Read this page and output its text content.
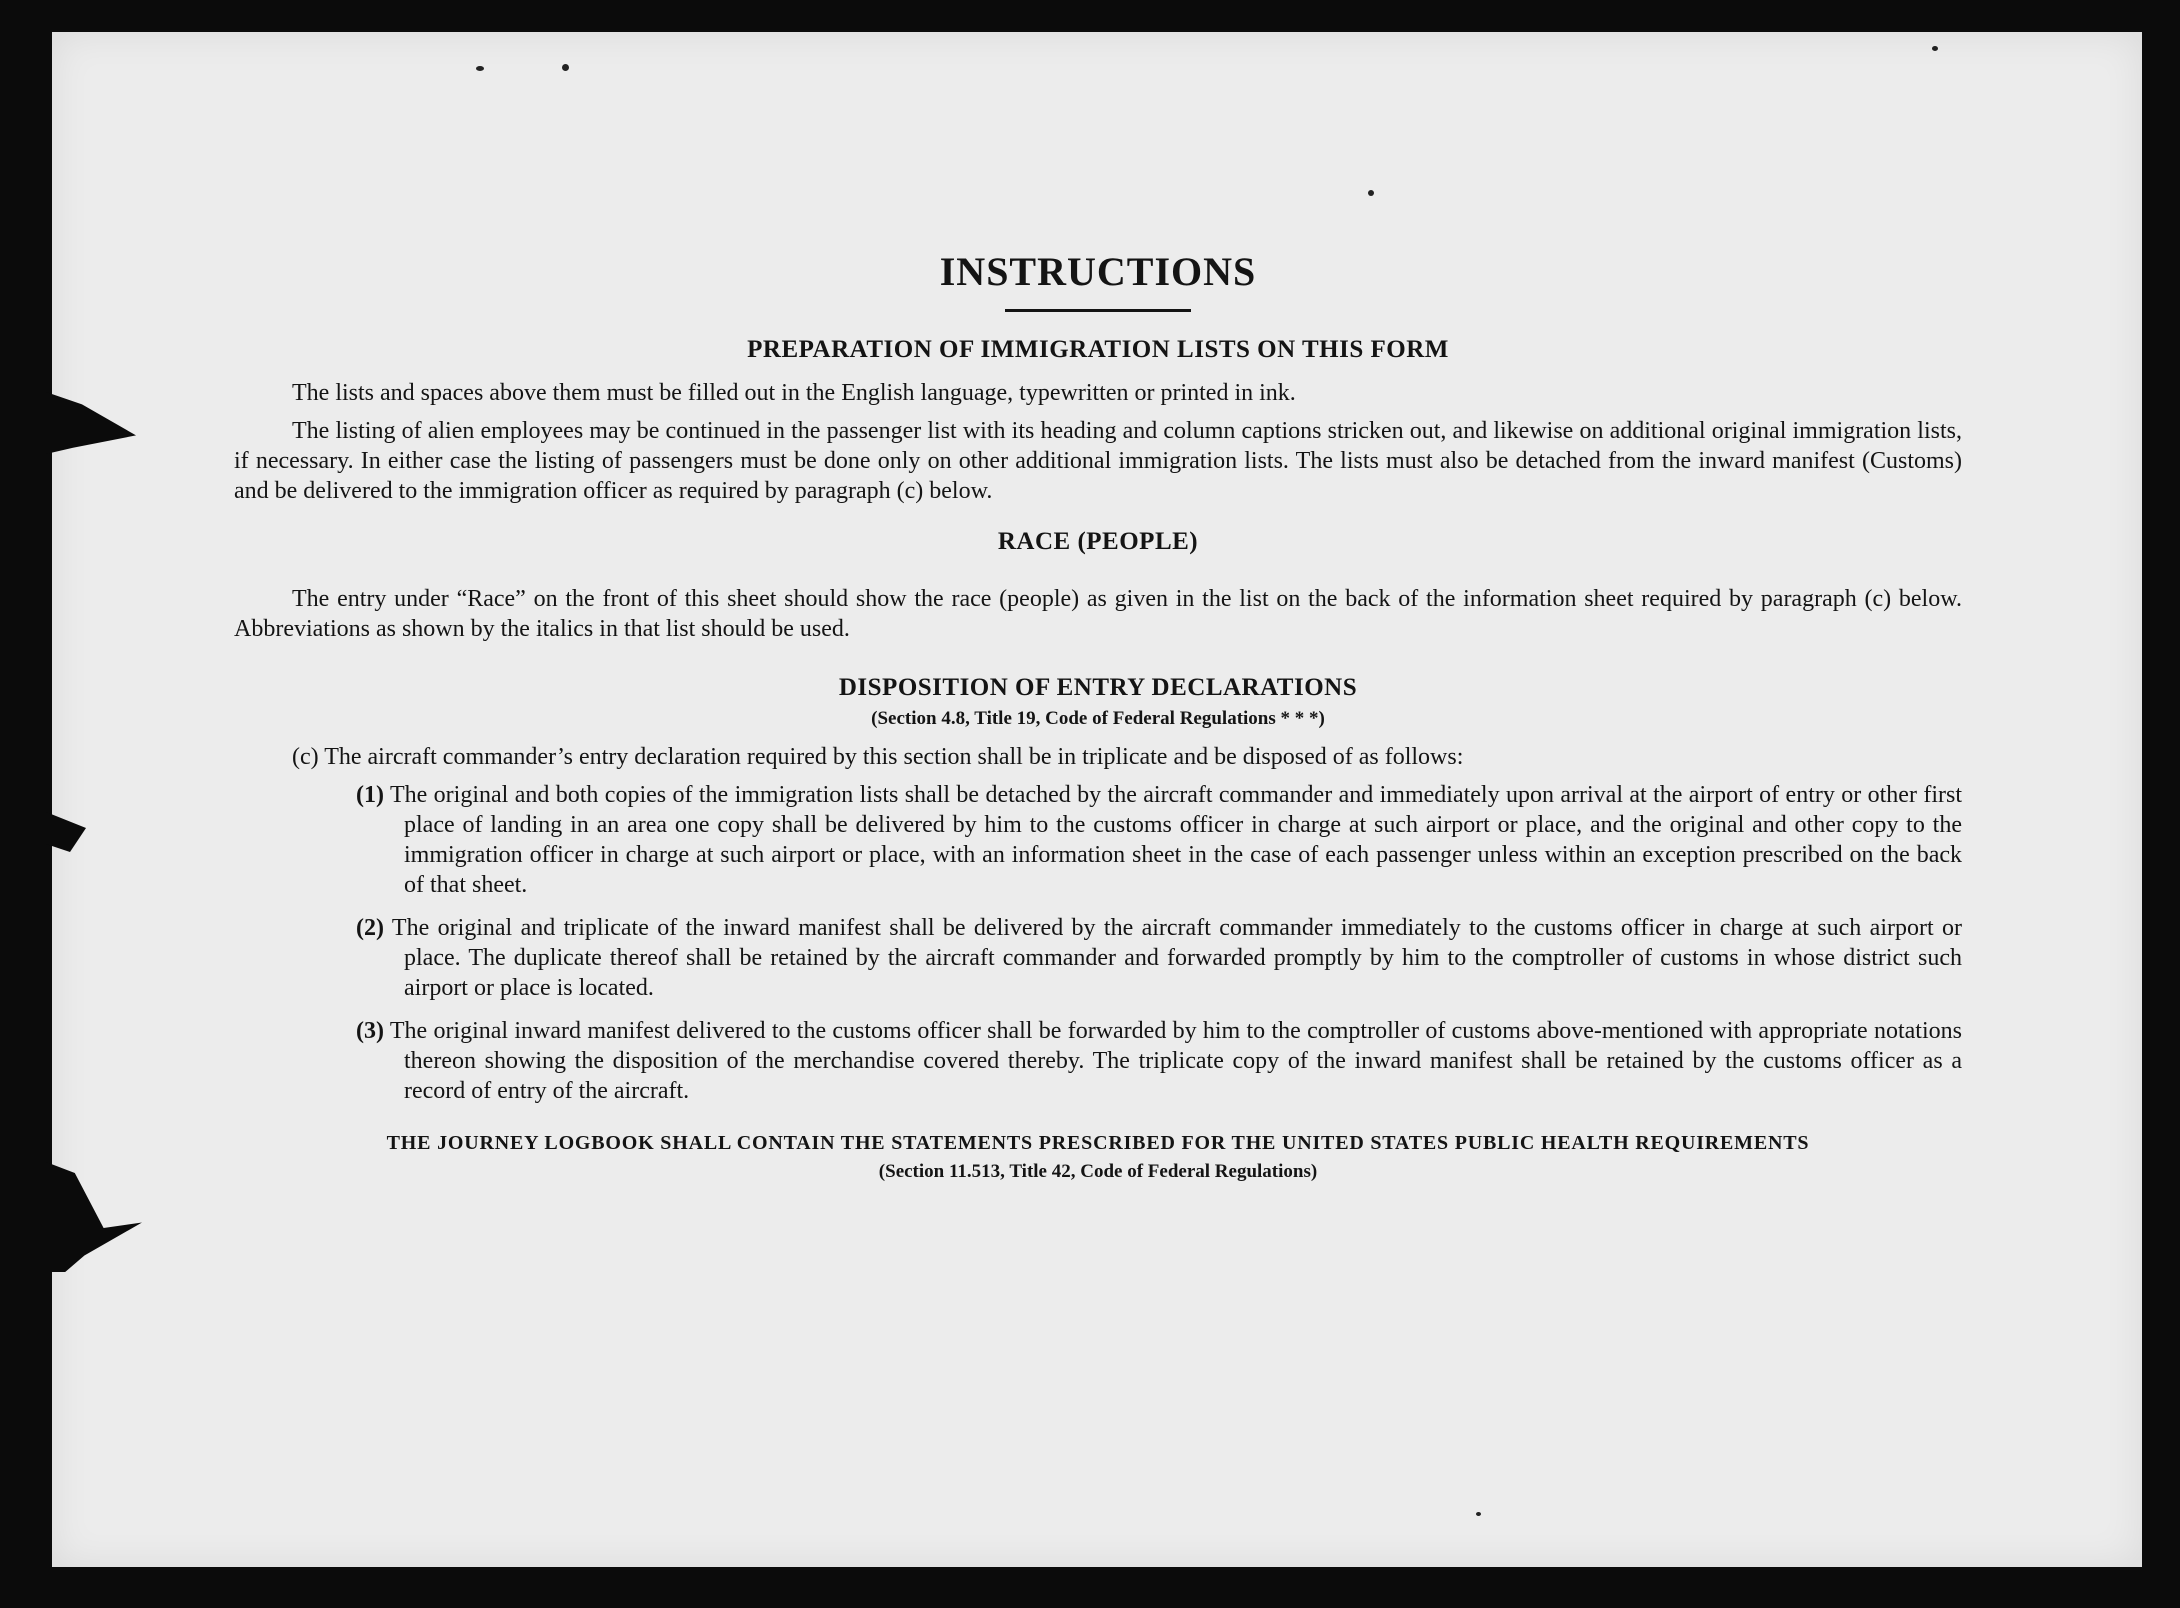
INSTRUCTIONS
PREPARATION OF IMMIGRATION LISTS ON THIS FORM

The lists and spaces above them must be filled out in the English language, typewritten or printed in ink.

The listing of alien employees may be continued in the passenger list with its heading and column captions stricken out, and likewise on additional original immigration lists, if necessary. In either case the listing of passengers must be done only on other additional immigration lists. The lists must also be detached from the inward manifest (Customs) and be delivered to the immigration officer as required by paragraph (c) below.

RACE (PEOPLE)

The entry under “Race” on the front of this sheet should show the race (people) as given in the list on the back of the information sheet required by paragraph (c) below. Abbreviations as shown by the italics in that list should be used.

DISPOSITION OF ENTRY DECLARATIONS

(Section 4.8, Title 19, Code of Federal Regulations * * *)

(c) The aircraft commander’s entry declaration required by this section shall be in triplicate and be disposed of as follows:

(1) The original and both copies of the immigration lists shall be detached by the aircraft commander and immediately upon arrival at the airport of entry or other first place of landing in an area one copy shall be delivered by him to the customs officer in charge at such airport or place, and the original and other copy to the immigration officer in charge at such airport or place, with an information sheet in the case of each passenger unless within an exception prescribed on the back of that sheet.
(2) The original and triplicate of the inward manifest shall be delivered by the aircraft commander immediately to the customs officer in charge at such airport or place. The duplicate thereof shall be retained by the aircraft commander and forwarded promptly by him to the comptroller of customs in whose district such airport or place is located.
(3) The original inward manifest delivered to the customs officer shall be forwarded by him to the comptroller of customs above-mentioned with appropriate notations thereon showing the disposition of the merchandise covered thereby. The triplicate copy of the inward manifest shall be retained by the customs officer as a record of entry of the aircraft.

THE JOURNEY LOGBOOK SHALL CONTAIN THE STATEMENTS PRESCRIBED FOR THE UNITED STATES PUBLIC HEALTH REQUIREMENTS

(Section 11.513, Title 42, Code of Federal Regulations)
